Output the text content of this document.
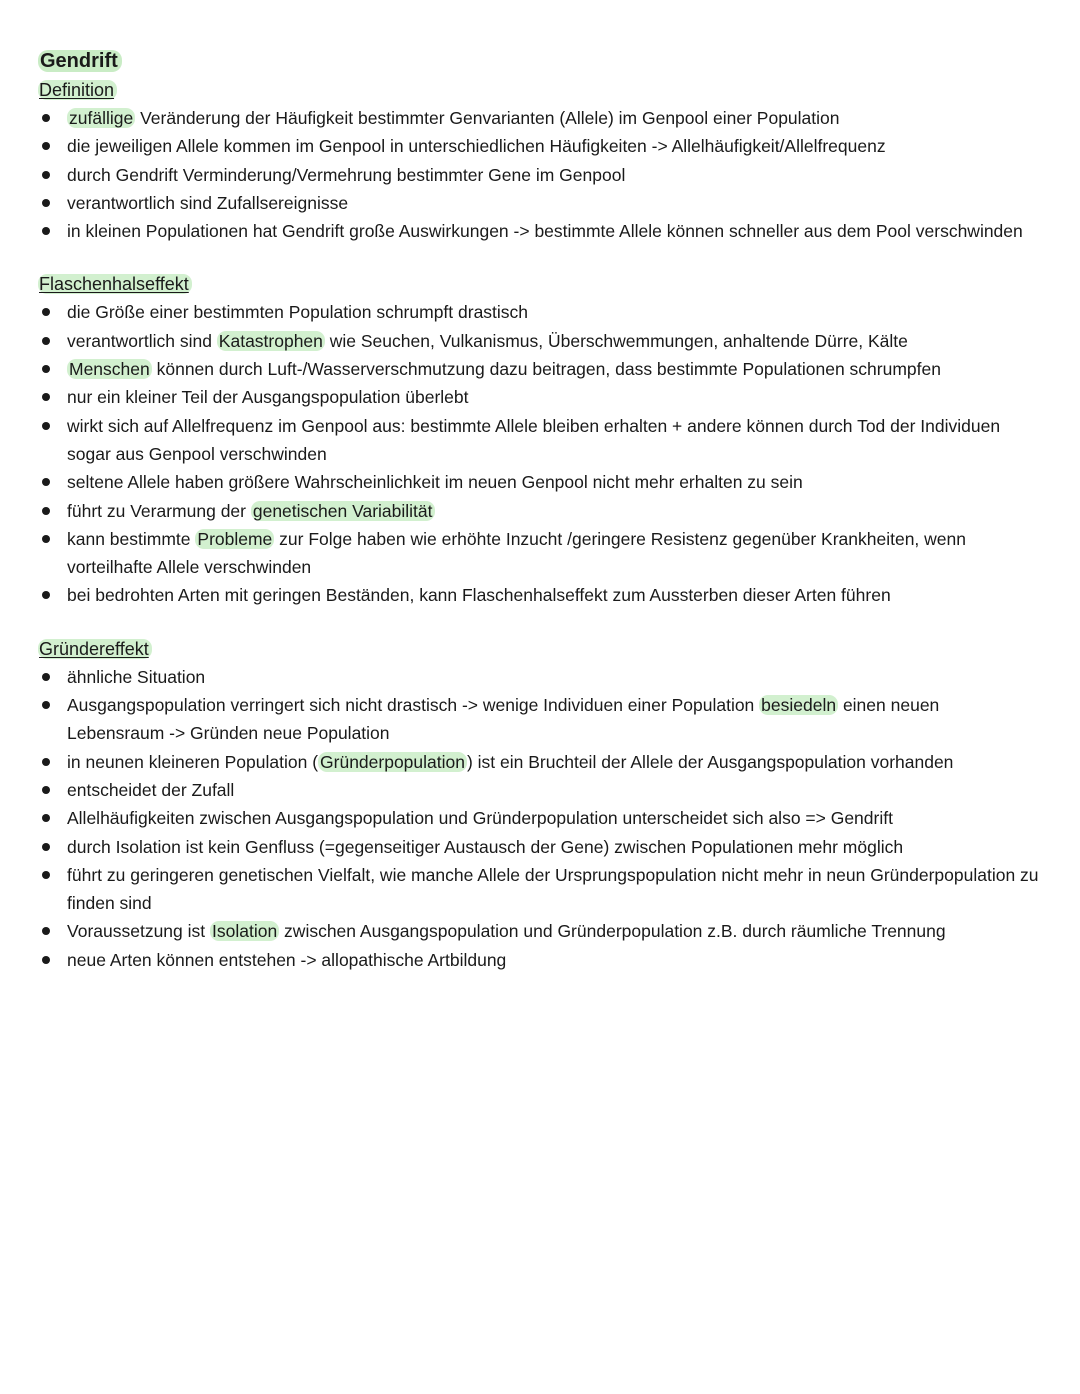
Gendrift
Definition
zufällige Veränderung der Häufigkeit bestimmter Genvarianten (Allele) im Genpool einer Population
die jeweiligen Allele kommen im Genpool in unterschiedlichen Häufigkeiten -> Allelhäufigkeit/Allelfrequenz
durch Gendrift Verminderung/Vermehrung bestimmter Gene im Genpool
verantwortlich sind Zufallsereignisse
in kleinen Populationen hat Gendrift große Auswirkungen -> bestimmte Allele können schneller aus dem Pool verschwinden
Flaschenhalseffekt
die Größe einer bestimmten Population schrumpft drastisch
verantwortlich sind Katastrophen wie Seuchen, Vulkanismus, Überschwemmungen, anhaltende Dürre, Kälte
Menschen können durch Luft-/Wasserverschmutzung dazu beitragen, dass bestimmte Populationen schrumpfen
nur ein kleiner Teil der Ausgangspopulation überlebt
wirkt sich auf Allelfrequenz im Genpool aus: bestimmte Allele bleiben erhalten + andere können durch Tod der Individuen sogar aus Genpool verschwinden
seltene Allele haben größere Wahrscheinlichkeit im neuen Genpool nicht mehr erhalten zu sein
führt zu Verarmung der genetischen Variabilität
kann bestimmte Probleme zur Folge haben wie erhöhte Inzucht /geringere Resistenz gegenüber Krankheiten, wenn vorteilhafte Allele verschwinden
bei bedrohten Arten mit geringen Beständen, kann Flaschenhalseffekt zum Aussterben dieser Arten führen
Gründereffekt
ähnliche Situation
Ausgangspopulation verringert sich nicht drastisch -> wenige Individuen einer Population besiedeln einen neuen Lebensraum -> Gründen neue Population
in neunen kleineren Population ( Gründerpopulation ) ist ein Bruchteil der Allele der Ausgangspopulation vorhanden
entscheidet der Zufall
Allelhäufigkeiten zwischen Ausgangspopulation und Gründerpopulation unterscheidet sich also => Gendrift
durch Isolation ist kein Genfluss (=gegenseitiger Austausch der Gene) zwischen Populationen mehr möglich
führt zu geringeren genetischen Vielfalt, wie manche Allele der Ursprungspopulation nicht mehr in neun Gründerpopulation zu finden sind
Voraussetzung ist Isolation zwischen Ausgangspopulation und Gründerpopulation z.B. durch räumliche Trennung
neue Arten können entstehen -> allopathische Artbildung
